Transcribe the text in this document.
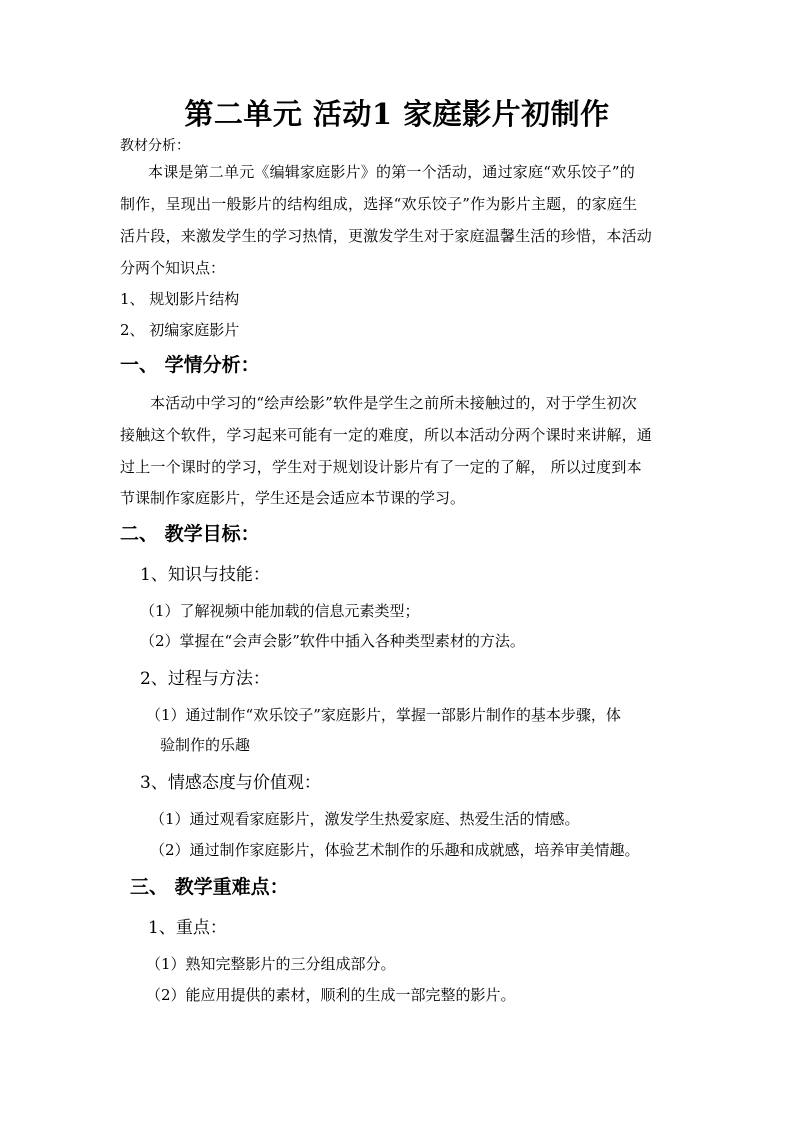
第二单元 活动1 家庭影片初制作
教材分析：
本课是第二单元《编辑家庭影片》的第一个活动，通过家庭“欢乐饺子”的
制作，呈现出一般影片的结构组成，选择“欢乐饺子”作为影片主题，的家庭生
活片段，来激发学生的学习热情，更激发学生对于家庭温馨生活的珍惜，本活动
分两个知识点：
1、 规划影片结构
2、 初编家庭影片
一、 学情分析：
本活动中学习的“绘声绘影”软件是学生之前所未接触过的，对于学生初次
接触这个软件，学习起来可能有一定的难度，所以本活动分两个课时来讲解，通
过上一个课时的学习，学生对于规划设计影片有了一定的了解， 所以过度到本
节课制作家庭影片，学生还是会适应本节课的学习。
二、 教学目标：
1、知识与技能：
（1）了解视频中能加载的信息元素类型；
（2）掌握在“会声会影”软件中插入各种类型素材的方法。
2、过程与方法：
（1）通过制作“欢乐饺子”家庭影片，掌握一部影片制作的基本步骤，体
验制作的乐趣
3、情感态度与价值观：
（1）通过观看家庭影片，激发学生热爱家庭、热爱生活的情感。
（2）通过制作家庭影片，体验艺术制作的乐趣和成就感，培养审美情趣。
三、 教学重难点：
1、重点：
（1）熟知完整影片的三分组成部分。
（2）能应用提供的素材，顺利的生成一部完整的影片。
